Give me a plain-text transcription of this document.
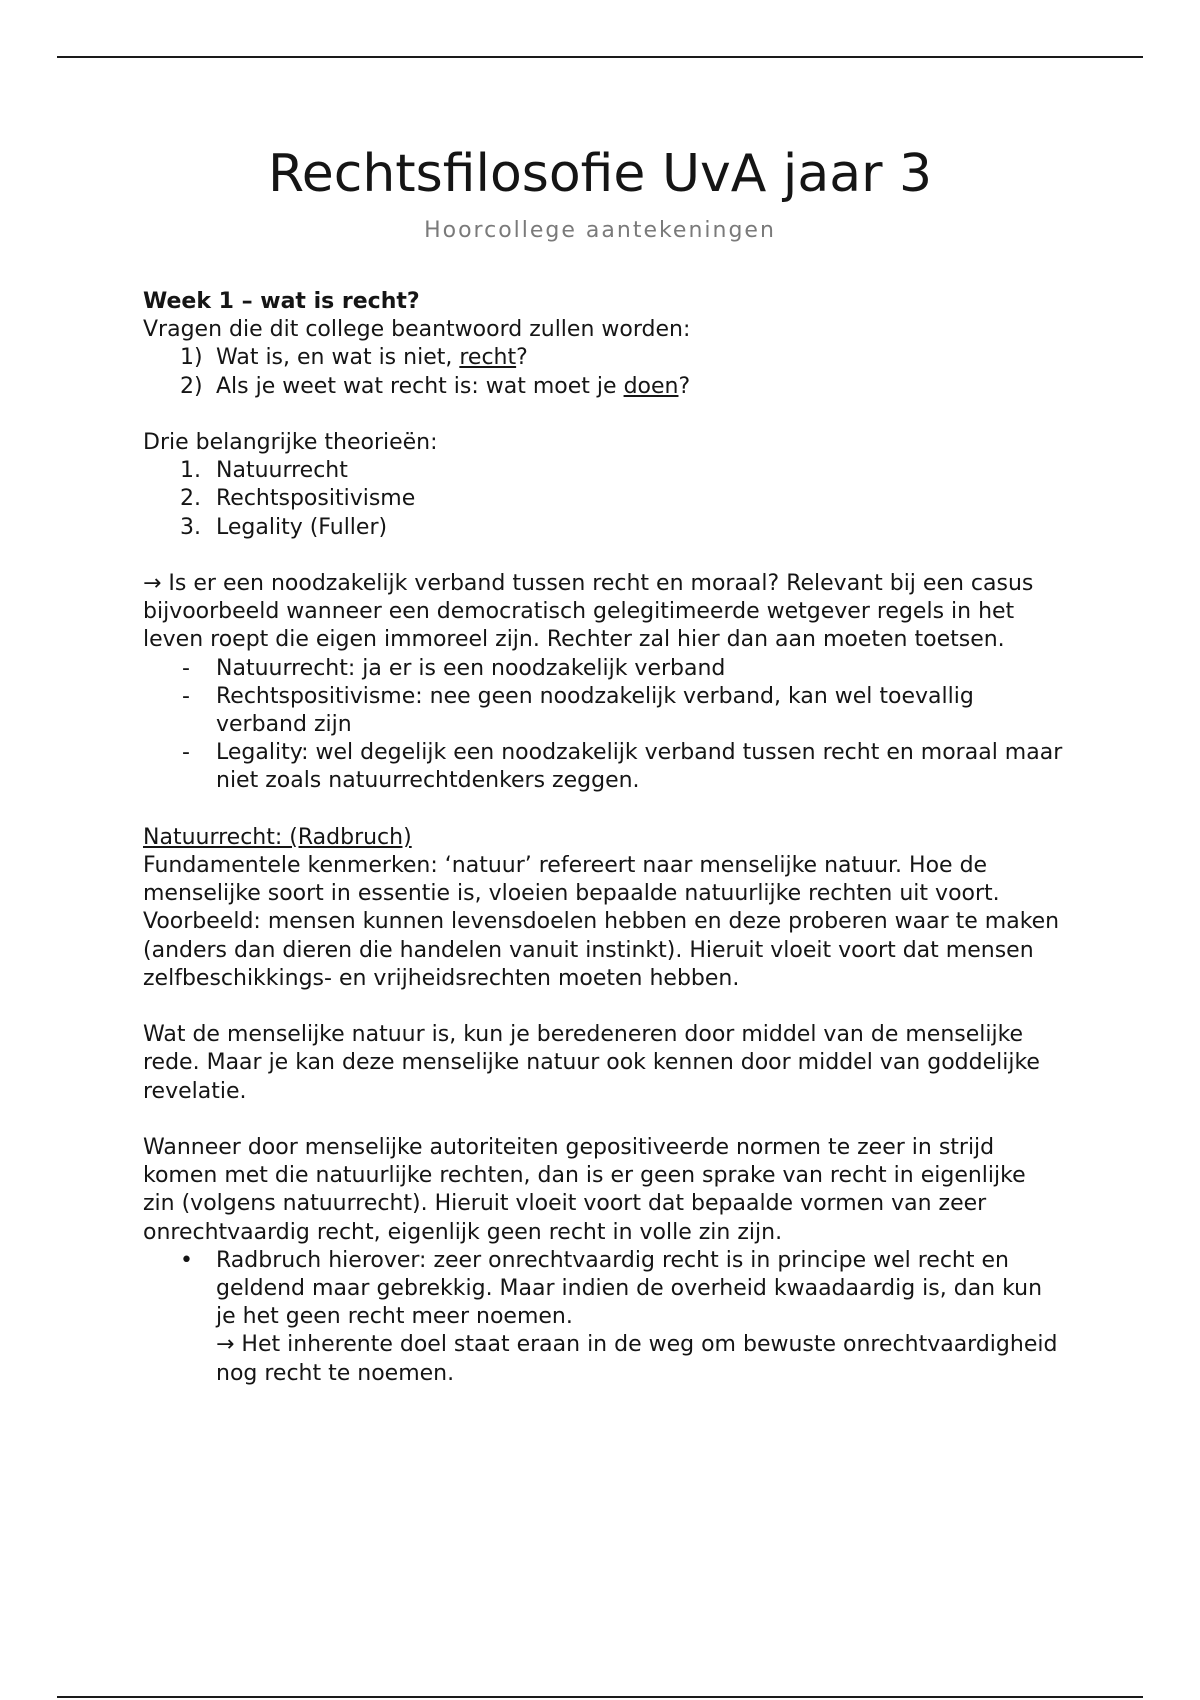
Rechtsfilosofie UvA jaar 3
Hoorcollege aantekeningen

Week 1 – wat is recht?

Vragen die dit college beantwoord zullen worden:

1) Wat is, en wat is niet, recht?
2) Als je weet wat recht is: wat moet je doen?

Drie belangrijke theorieën:

1. Natuurrecht
2. Rechtspositivisme
3. Legality (Fuller)

→ Is er een noodzakelijk verband tussen recht en moraal? Relevant bij een casus bijvoorbeeld wanneer een democratisch gelegitimeerde wetgever regels in het leven roept die eigen immoreel zijn. Rechter zal hier dan aan moeten toetsen.

-	Natuurrecht: ja er is een noodzakelijk verband
-	Rechtspositivisme: nee geen noodzakelijk verband, kan wel toevallig verband zijn
-	Legality: wel degelijk een noodzakelijk verband tussen recht en moraal maar niet zoals natuurrechtdenkers zeggen.

Natuurrecht: (Radbruch)

Fundamentele kenmerken: ‘natuur’ refereert naar menselijke natuur. Hoe de menselijke soort in essentie is, vloeien bepaalde natuurlijke rechten uit voort. Voorbeeld: mensen kunnen levensdoelen hebben en deze proberen waar te maken (anders dan dieren die handelen vanuit instinkt). Hieruit vloeit voort dat mensen zelfbeschikkings- en vrijheidsrechten moeten hebben.

Wat de menselijke natuur is, kun je beredeneren door middel van de menselijke rede. Maar je kan deze menselijke natuur ook kennen door middel van goddelijke revelatie.

Wanneer door menselijke autoriteiten gepositiveerde normen te zeer in strijd komen met die natuurlijke rechten, dan is er geen sprake van recht in eigenlijke zin (volgens natuurrecht). Hieruit vloeit voort dat bepaalde vormen van zeer onrechtvaardig recht, eigenlijk geen recht in volle zin zijn.

•	Radbruch hierover: zeer onrechtvaardig recht is in principe wel recht en geldend maar gebrekkig. Maar indien de overheid kwaadaardig is, dan kun je het geen recht meer noemen.

→ Het inherente doel staat eraan in de weg om bewuste onrechtvaardigheid nog recht te noemen.
